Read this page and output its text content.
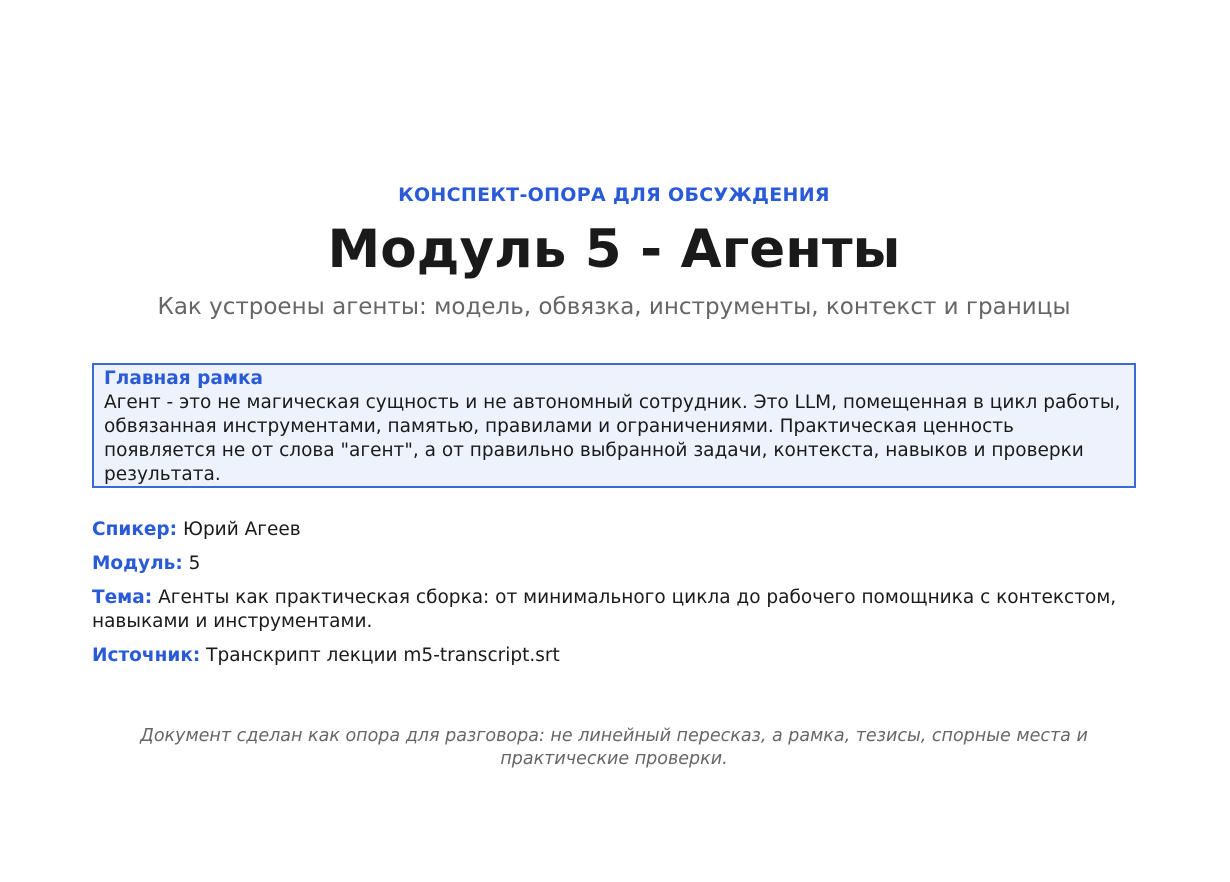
КОНСПЕКТ-ОПОРА ДЛЯ ОБСУЖДЕНИЯ
Модуль 5 - Агенты
Как устроены агенты: модель, обвязка, инструменты, контекст и границы
Главная рамка
Агент - это не магическая сущность и не автономный сотрудник. Это LLM, помещенная в цикл работы, обвязанная инструментами, памятью, правилами и ограничениями. Практическая ценность появляется не от слова "агент", а от правильно выбранной задачи, контекста, навыков и проверки результата.
Спикер: Юрий Агеев
Модуль: 5
Тема: Агенты как практическая сборка: от минимального цикла до рабочего помощника с контекстом, навыками и инструментами.
Источник: Транскрипт лекции m5-transcript.srt
Документ сделан как опора для разговора: не линейный пересказ, а рамка, тезисы, спорные места и практические проверки.
